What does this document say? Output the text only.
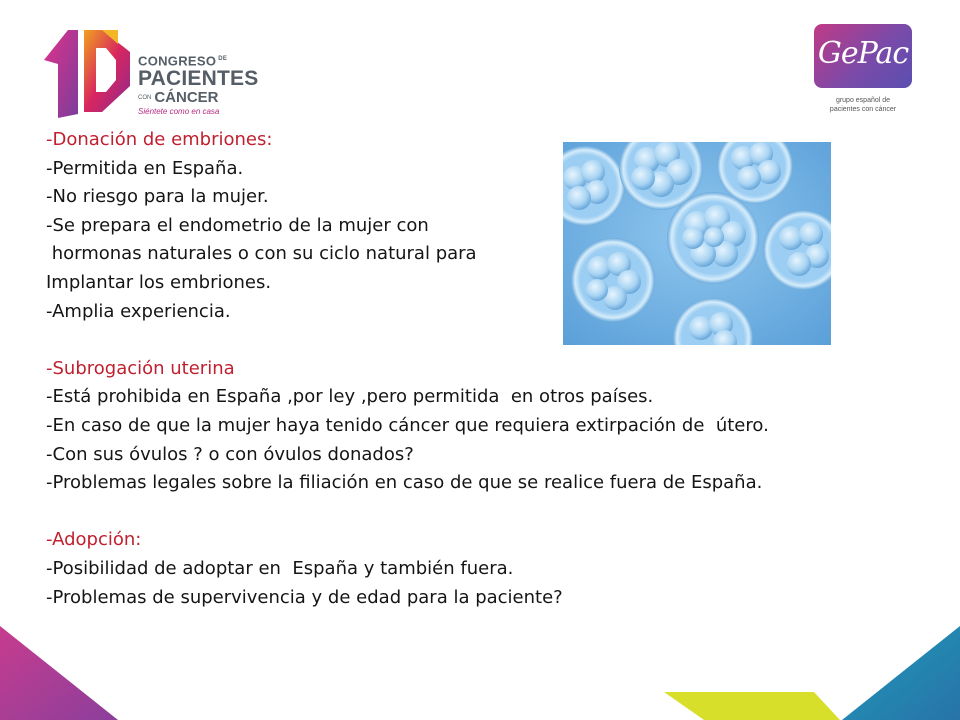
CONGRESO $^{DE}$
PACIENTES
CON CÁNCER
Siéntete como en casa
GePac
grupo español de
pacientes con cáncer
-Donación de embriones:
-Permitida en España.
-No riesgo para la mujer.
-Se prepara el endometrio de la mujer con
hormonas naturales o con su ciclo natural para
Implantar los embriones.
-Amplia experiencia.
-Subrogación uterina
-Está prohibida en España ,por ley ,pero permitida  en otros países.
-En caso de que la mujer haya tenido cáncer que requiera extirpación de  útero.
-Con sus óvulos ? o con óvulos donados?
-Problemas legales sobre la filiación en caso de que se realice fuera de España.
-Adopción:
-Posibilidad de adoptar en  España y también fuera.
-Problemas de supervivencia y de edad para la paciente?
